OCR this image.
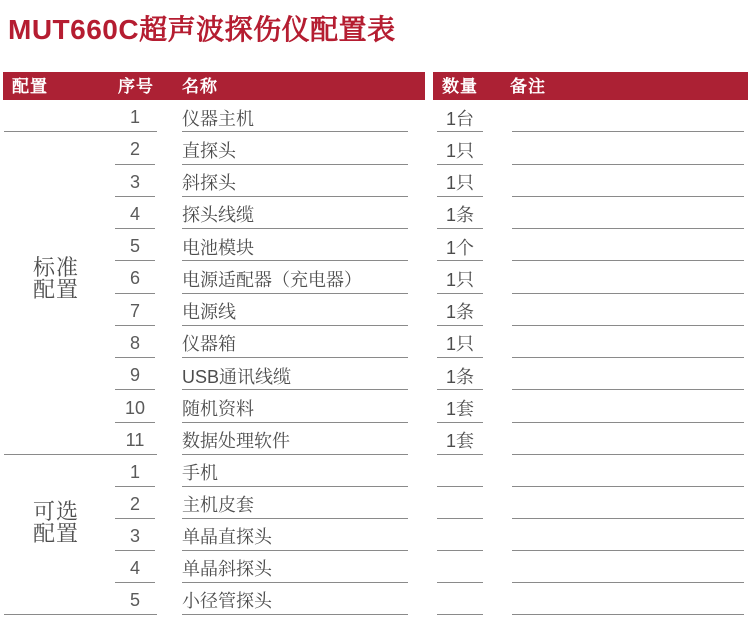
MUT660C超声波探伤仪配置表
配置	序号 名称	数量 备注
标准
配置
1	仪器主机	1台
2	直探头	1只
3	斜探头	1只
4	探头线缆	1条
5	电池模块	1个
6	电源适配器（充电器）	1只
7	电源线	1条
8	仪器箱	1只
9	USB通讯线缆	1条
10	随机资料	1套
11	数据处理软件	1套
可选
配置
1	手机
2	主机皮套
3	单晶直探头
4	单晶斜探头
5	小径管探头
